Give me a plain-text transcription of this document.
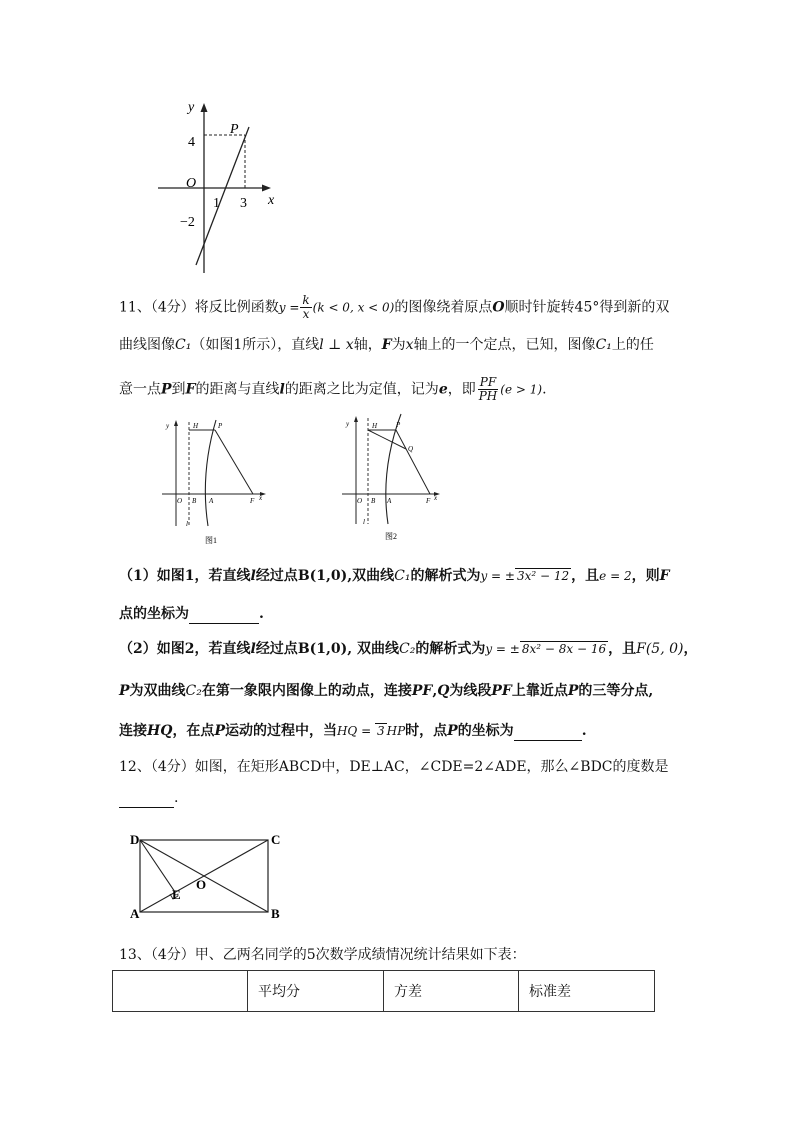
y
x
O
P
4
−2
1 3
11、（4分）将反比例函数$y = \frac{k}{x} (k < 0$, x < 0)的图像绕着原点O顺时针旋转45°得到新的双
曲线图像C₁（如图1所示），直线l ⊥ x轴，F为x轴上的一个定点，已知，图像C₁上的任
意一点P到F的距离与直线l的距离之比为定值，记为e，即 $\frac{PF}{PH} (e > 1)$.
y	H	P
O B A	F x
l
图1
y	H	P
Q
O B A	F x
l
图2
（1）如图1，若直线l经过点B(1,0),双曲线C₁的解析式为y = ± 3x² − 12 ，且e = 2，则F
点的坐标为	.
（2）如图2，若直线l经过点B(1,0), 双曲线C₂的解析式为y = ± 8x² − 8x − 16 ，且F(5, 0)，
P为双曲线C₂在第一象限内图像上的动点，连接PF,Q为线段PF上靠近点P的三等分点,
连接HQ，在点P运动的过程中，当HQ = 3 HP时，点P的坐标为	.
12、（4分）如图，在矩形ABCD中，DE⊥AC，∠CDE=2∠ADE，那么∠BDC的度数是
.
D	C
A	B
O
E
13、（4分）甲、乙两名同学的5次数学成绩情况统计结果如下表：
	平均分	方差	标准差
